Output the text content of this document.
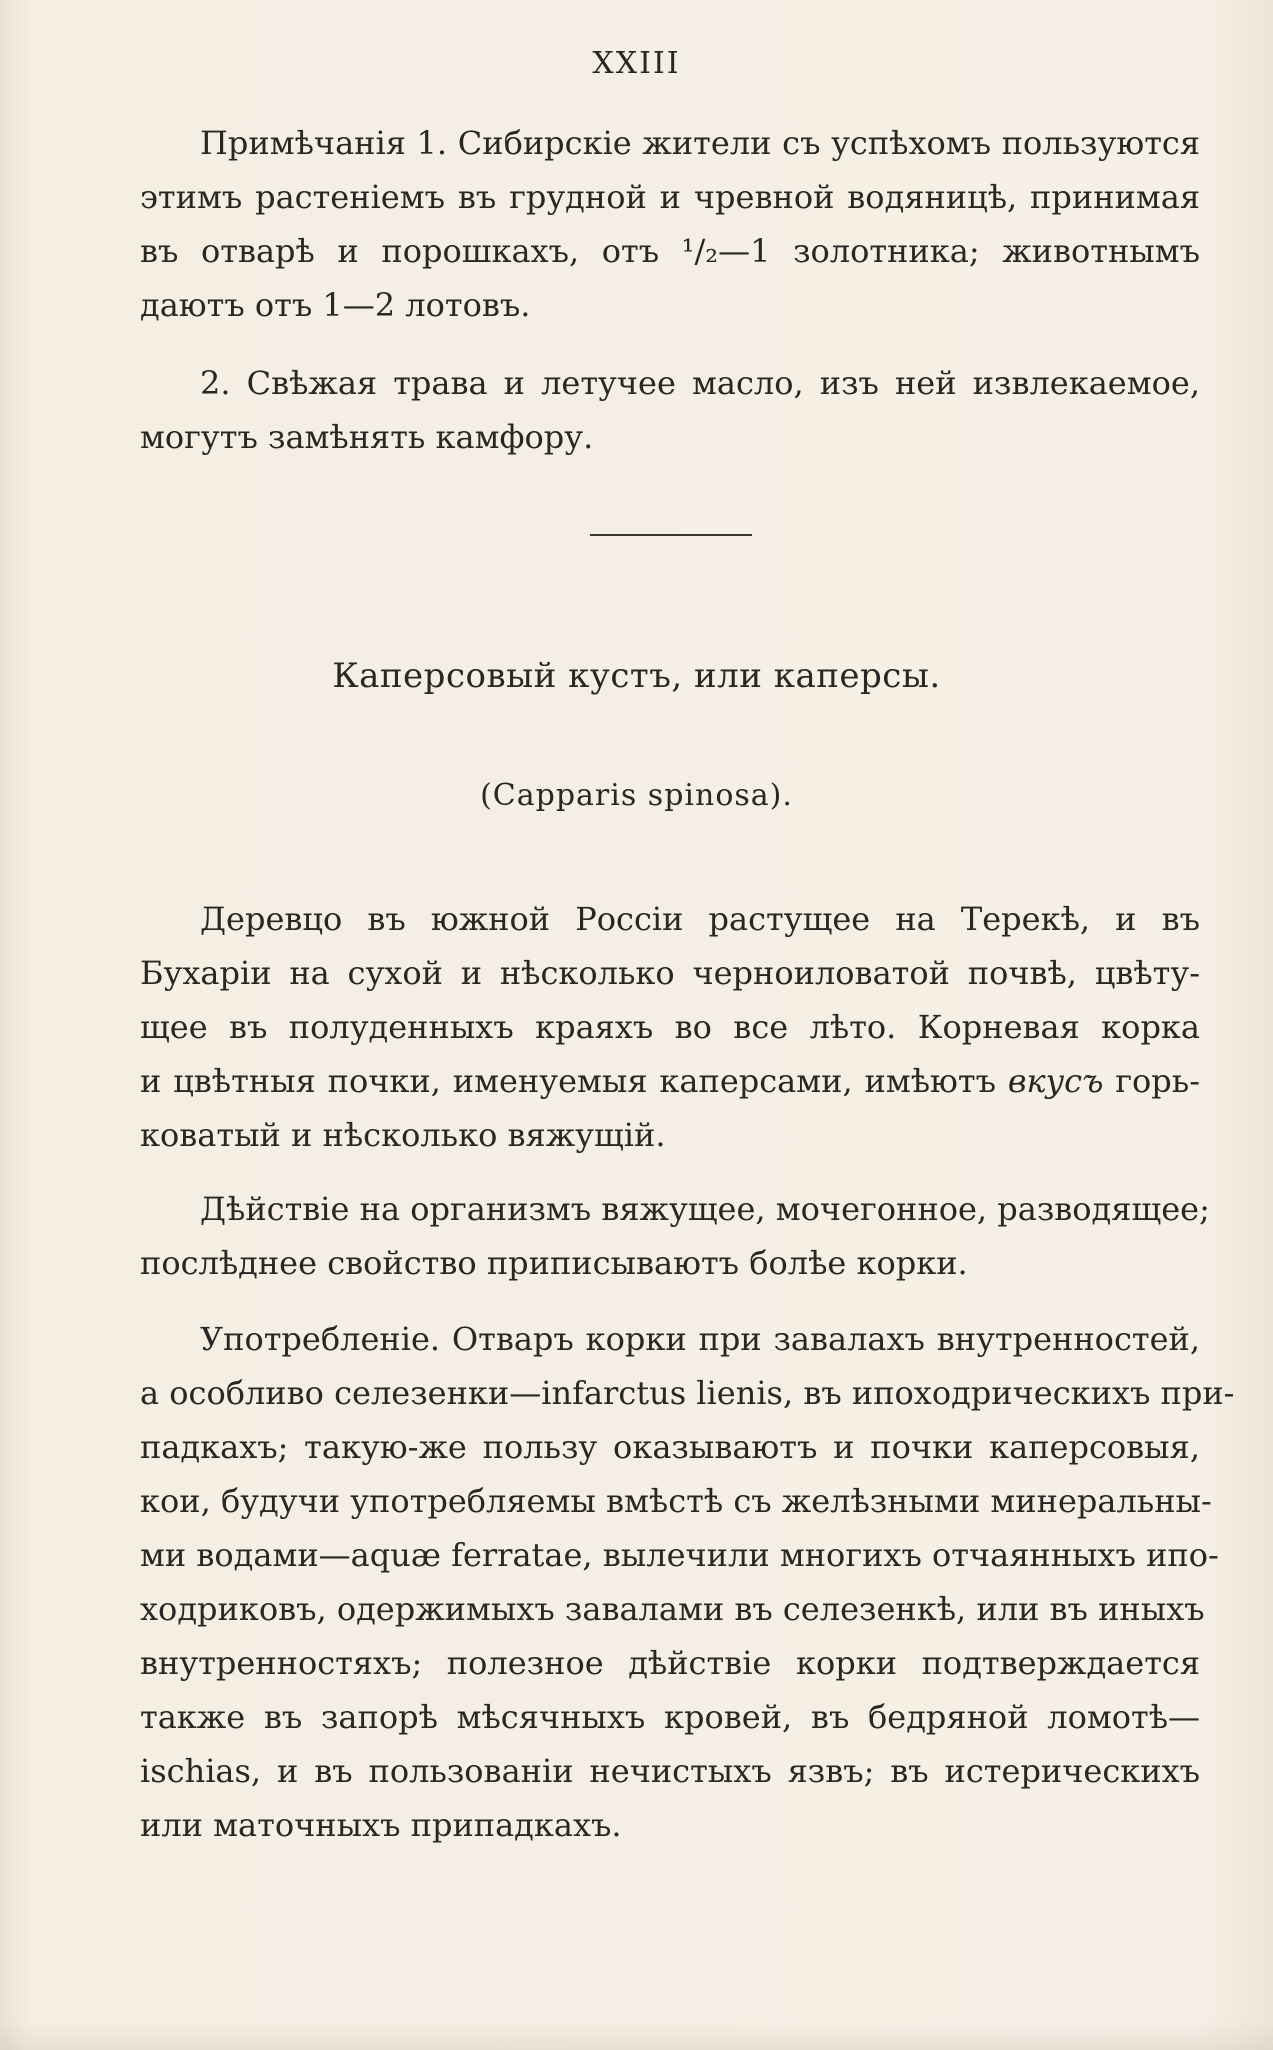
XXIII

Примѣчанія 1. Сибирскіе жители съ успѣхомъ пользуются
этимъ растеніемъ въ грудной и чревной водяницѣ, принимая
въ отварѣ и порошкахъ, отъ ¹/₂—1 золотника; животнымъ
даютъ отъ 1—2 лотовъ.

2. Свѣжая трава и летучее масло, изъ ней извлекаемое,
могутъ замѣнять камфору.

Каперсовый кустъ, или каперсы.
(Capparis spinosa).

Деревцо въ южной Россіи растущее на Терекѣ, и въ
Бухаріи на сухой и нѣсколько черноиловатой почвѣ, цвѣту-
щее въ полуденныхъ краяхъ во все лѣто. Корневая корка
и цвѣтныя почки, именуемыя каперсами, имѣютъ вкусъ горь-
коватый и нѣсколько вяжущій.

Дѣйствіе на организмъ вяжущее, мочегонное, разводящее;
послѣднее свойство приписываютъ болѣе корки.

Употребленіе. Отваръ корки при завалахъ внутренностей,
а особливо селезенки—infarctus lienis, въ ипоходрическихъ при-
падкахъ; такую-же пользу оказываютъ и почки каперсовыя,
кои, будучи употребляемы вмѣстѣ съ желѣзными минеральны-
ми водами—aquæ ferratae, вылечили многихъ отчаянныхъ ипо-
ходриковъ, одержимыхъ завалами въ селезенкѣ, или въ иныхъ
внутренностяхъ; полезное дѣйствіе корки подтверждается
также въ запорѣ мѣсячныхъ кровей, въ бедряной ломотѣ—
ischias, и въ пользованіи нечистыхъ язвъ; въ истерическихъ
или маточныхъ припадкахъ.
